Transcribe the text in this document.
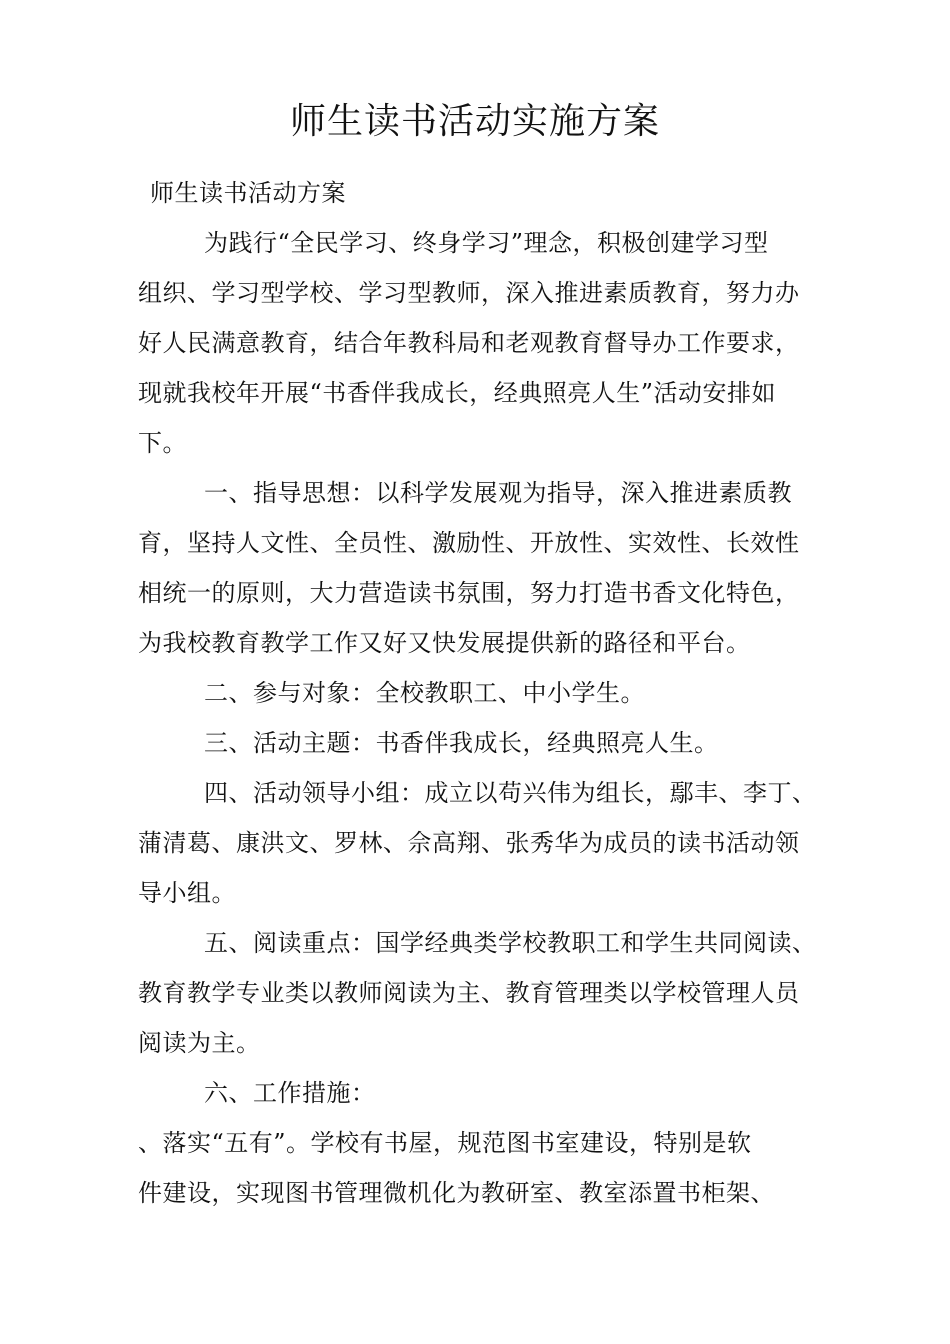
师生读书活动实施方案
师生读书活动方案
为践行“全民学习、终身学习”理念，积极创建学习型
组织、学习型学校、学习型教师，深入推进素质教育，努力办
好人民满意教育，结合年教科局和老观教育督导办工作要求，
现就我校年开展“书香伴我成长，经典照亮人生”活动安排如
下。
一、指导思想：以科学发展观为指导，深入推进素质教
育，坚持人文性、全员性、激励性、开放性、实效性、长效性
相统一的原则，大力营造读书氛围，努力打造书香文化特色，
为我校教育教学工作又好又快发展提供新的路径和平台。
二、参与对象：全校教职工、中小学生。
三、活动主题：书香伴我成长，经典照亮人生。
四、活动领导小组：成立以苟兴伟为组长，鄢丰、李丁、
蒲清葛、康洪文、罗林、佘高翔、张秀华为成员的读书活动领
导小组。
五、阅读重点：国学经典类学校教职工和学生共同阅读、
教育教学专业类以教师阅读为主、教育管理类以学校管理人员
阅读为主。
六、工作措施：
、落实“五有”。学校有书屋，规范图书室建设，特别是软
件建设，实现图书管理微机化为教研室、教室添置书柜架、
